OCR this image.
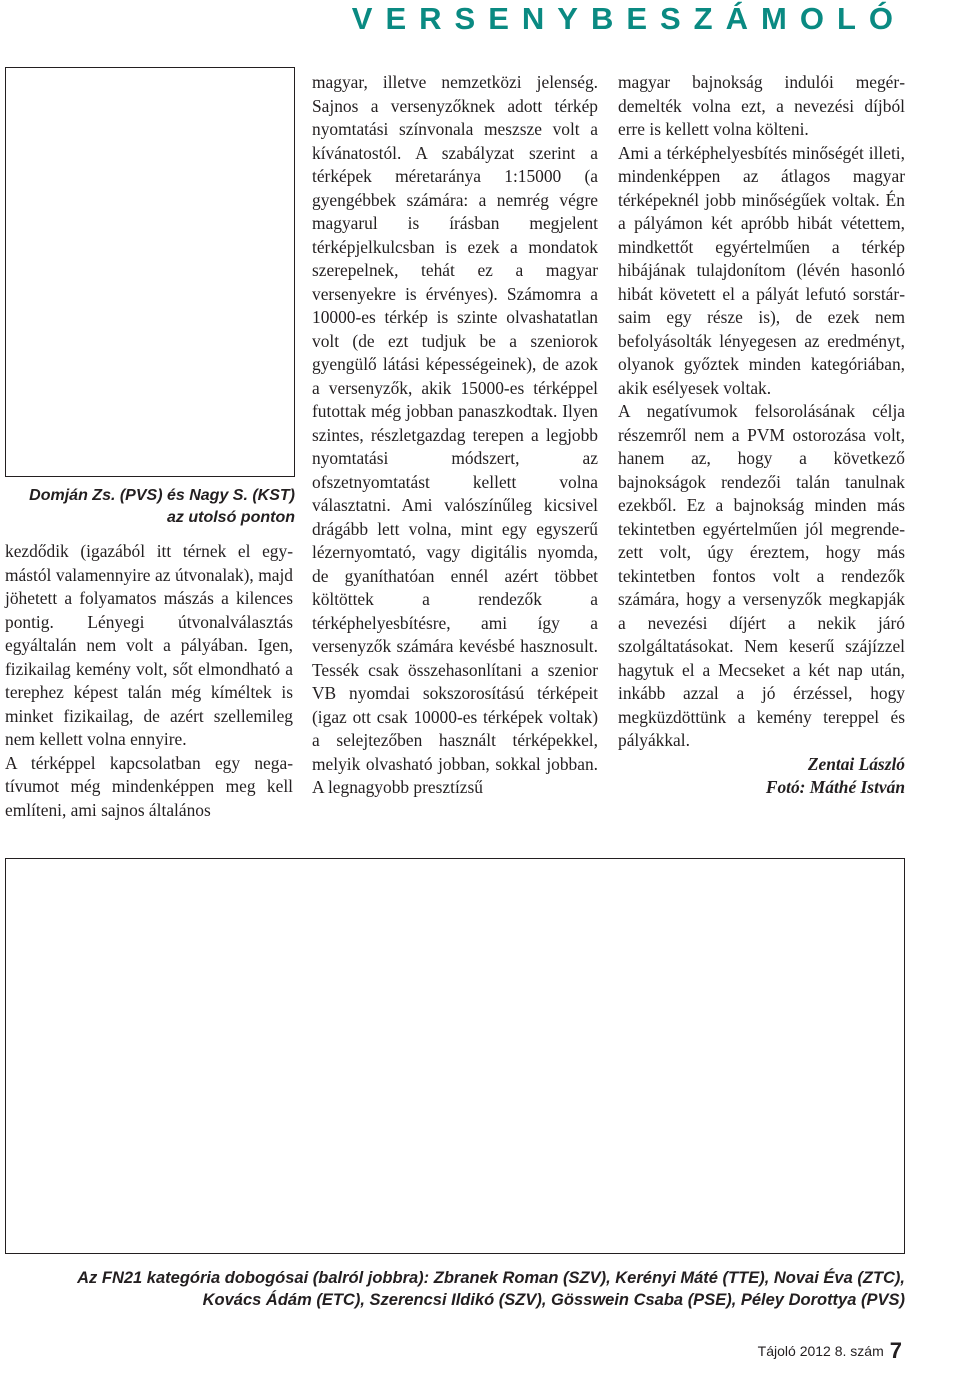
VERSENYBESZÁMOLÓ
Domján Zs. (PVS) és Nagy S. (KST)
az utolsó ponton

kezdődik (igazából itt térnek el egymástól valamennyire az útvonalak), majd jöhetett a folyamatos mászás a kilences pontig. Lényegi útvonalválasztás egyáltalán nem volt a pályában. Igen, fizikailag kemény volt, sőt elmondható a terephez képest talán még kíméltek is minket fizikailag, de azért szellemileg nem kellett volna ennyire.

A térképpel kapcsolatban egy negatívumot még mindenképpen meg kell említeni, ami sajnos általános

magyar, illetve nemzetközi jelenség. Sajnos a versenyzőknek adott térkép nyomtatási színvonala meszsze volt a kívánatostól. A szabályzat szerint a térképek méretaránya 1:15000 (a gyengébbek számára: a nemrég végre magyarul is írásban megjelent térképjelkulcsban is ezek a mondatok szerepelnek, tehát ez a magyar versenyekre is érvényes). Számomra a 10000-es térkép is szinte olvashatatlan volt (de ezt tudjuk be a szeniorok gyengülő látási képességeinek), de azok a versenyzők, akik 15000-es térképpel futottak még jobban panaszkodtak. Ilyen szintes, részletgazdag terepen a legjobb nyomtatási módszert, az ofszetnyomtatást kellett volna választatni. Ami valószínűleg kicsivel drágább lett volna, mint egy egyszerű lézernyomtató, vagy digitális nyomda, de gyaníthatóan ennél azért többet költöttek a rendezők a térképhelyesbítésre, ami így a versenyzők számára kevésbé hasznosult. Tessék csak összehasonlítani a szenior VB nyomdai sokszorosítású térképeit (igaz ott csak 10000-es térképek voltak) a selejtezőben használt térképekkel, melyik olvasható jobban, sokkal jobban. A legnagyobb presztízsű

magyar bajnokság indulói megérdemelték volna ezt, a nevezési díjból erre is kellett volna költeni.

Ami a térképhelyesbítés minőségét illeti, mindenképpen az átlagos magyar térképeknél jobb minőségűek voltak. Én a pályámon két apróbb hibát vétettem, mindkettőt egyértelműen a térkép hibájának tulajdonítom (lévén hasonló hibát követett el a pályát lefutó sorstársaim egy része is), de ezek nem befolyásolták lényegesen az eredményt, olyanok győztek minden kategóriában, akik esélyesek voltak.

A negatívumok felsorolásának célja részemről nem a PVM ostorozása volt, hanem az, hogy a következő bajnokságok rendezői talán tanulnak ezekből. Ez a bajnokság minden más tekintetben egyértelműen jól megrendezett volt, úgy éreztem, hogy más tekintetben fontos volt a rendezők számára, hogy a versenyzők megkapják a nevezési díjért a nekik járó szolgáltatásokat. Nem keserű szájízzel hagytuk el a Mecseket a két nap után, inkább azzal a jó érzéssel, hogy megküzdöttünk a kemény tereppel és pályákkal.

Zentai László

Fotó: Máthé István

Az FN21 kategória dobogósai (balról jobbra): Zbranek Roman (SZV), Kerényi Máté (TTE), Novai Éva (ZTC),
Kovács Ádám (ETC), Szerencsi Ildikó (SZV), Gösswein Csaba (PSE), Péley Dorottya (PVS)
Tájoló 2012 8. szám 7
